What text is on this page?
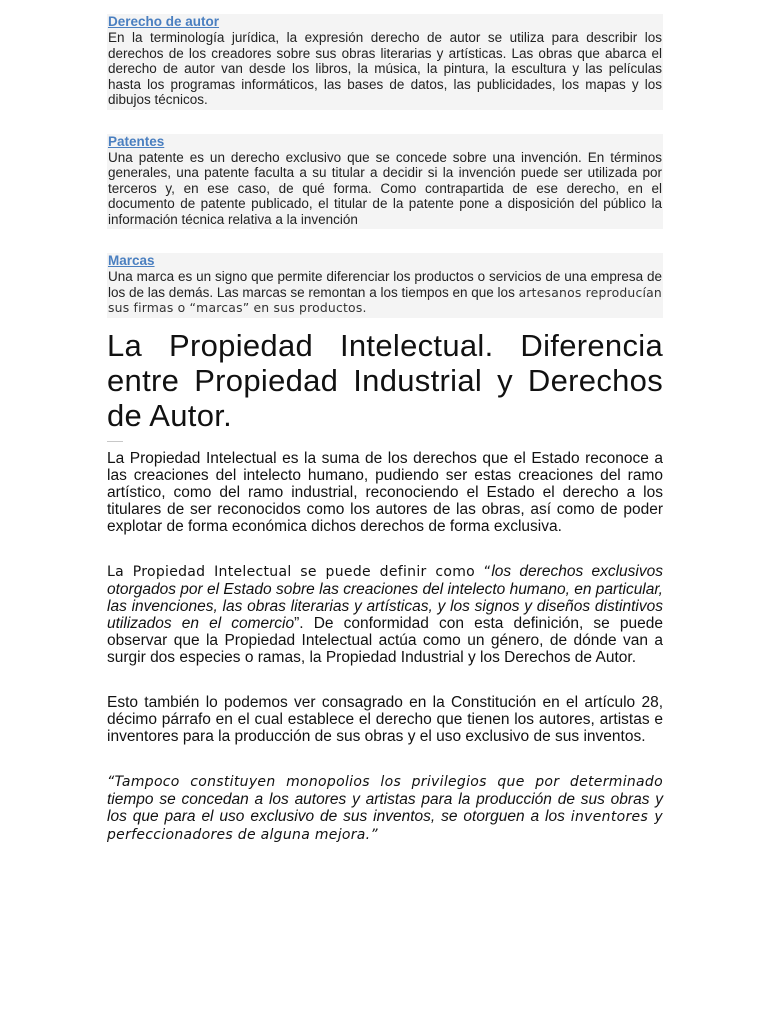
Derecho de autor

En la terminología jurídica, la expresión derecho de autor se utiliza para describir los derechos de los creadores sobre sus obras literarias y artísticas. Las obras que abarca el derecho de autor van desde los libros, la música, la pintura, la escultura y las películas hasta los programas informáticos, las bases de datos, las publicidades, los mapas y los dibujos técnicos.

Patentes

Una patente es un derecho exclusivo que se concede sobre una invención. En términos generales, una patente faculta a su titular a decidir si la invención puede ser utilizada por terceros y, en ese caso, de qué forma. Como contrapartida de ese derecho, en el documento de patente publicado, el titular de la patente pone a disposición del público la información técnica relativa a la invención

Marcas

Una marca es un signo que permite diferenciar los productos o servicios de una empresa de los de las demás. Las marcas se remontan a los tiempos en que los artesanos reproducían sus firmas o “marcas” en sus productos.

La Propiedad Intelectual. Diferencia entre Propiedad Industrial y Derechos de Autor.

La Propiedad Intelectual es la suma de los derechos que el Estado reconoce a las creaciones del intelecto humano, pudiendo ser estas creaciones del ramo artístico, como del ramo industrial, reconociendo el Estado el derecho a los titulares de ser reconocidos como los autores de las obras, así como de poder explotar de forma económica dichos derechos de forma exclusiva.

La Propiedad Intelectual se puede definir como “los derechos exclusivos otorgados por el Estado sobre las creaciones del intelecto humano, en particular, las invenciones, las obras literarias y artísticas, y los signos y diseños distintivos utilizados en el comercio”. De conformidad con esta definición, se puede observar que la Propiedad Intelectual actúa como un género, de dónde van a surgir dos especies o ramas, la Propiedad Industrial y los Derechos de Autor.

Esto también lo podemos ver consagrado en la Constitución en el artículo 28, décimo párrafo en el cual establece el derecho que tienen los autores, artistas e inventores para la producción de sus obras y el uso exclusivo de sus inventos.

“Tampoco constituyen monopolios los privilegios que por determinado tiempo se concedan a los autores y artistas para la producción de sus obras y los que para el uso exclusivo de sus inventos, se otorguen a los inventores y perfeccionadores de alguna mejora.”
